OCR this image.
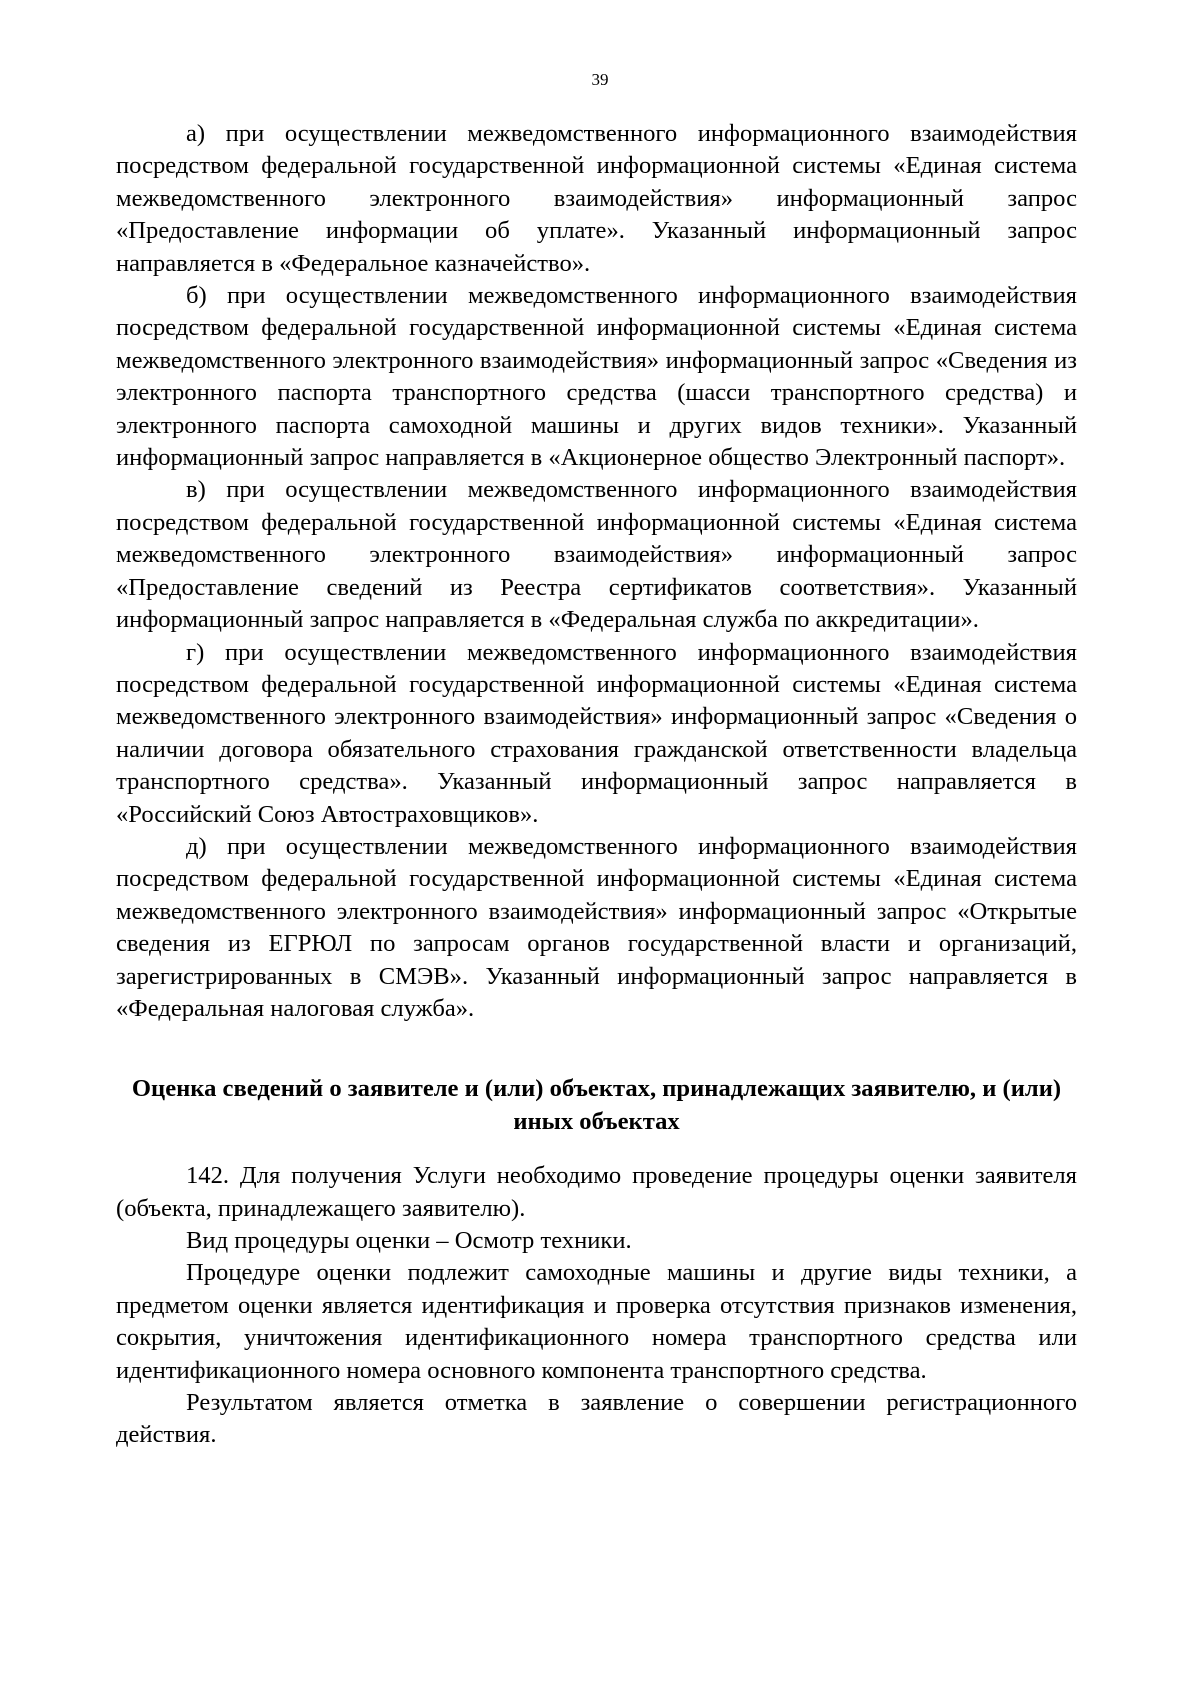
39

а) при осуществлении межведомственного информационного взаимодействия посредством федеральной государственной информационной системы «Единая система межведомственного электронного взаимодействия» информационный запрос «Предоставление информации об уплате». Указанный информационный запрос направляется в «Федеральное казначейство».

б) при осуществлении межведомственного информационного взаимодействия посредством федеральной государственной информационной системы «Единая система межведомственного электронного взаимодействия» информационный запрос «Сведения из электронного паспорта транспортного средства (шасси транспортного средства) и электронного паспорта самоходной машины и других видов техники». Указанный информационный запрос направляется в «Акционерное общество Электронный паспорт».

в) при осуществлении межведомственного информационного взаимодействия посредством федеральной государственной информационной системы «Единая система межведомственного электронного взаимодействия» информационный запрос «Предоставление сведений из Реестра сертификатов соответствия». Указанный информационный запрос направляется в «Федеральная служба по аккредитации».

г) при осуществлении межведомственного информационного взаимодействия посредством федеральной государственной информационной системы «Единая система межведомственного электронного взаимодействия» информационный запрос «Сведения о наличии договора обязательного страхования гражданской ответственности владельца транспортного средства». Указанный информационный запрос направляется в «Российский Союз Автостраховщиков».

д) при осуществлении межведомственного информационного взаимодействия посредством федеральной государственной информационной системы «Единая система межведомственного электронного взаимодействия» информационный запрос «Открытые сведения из ЕГРЮЛ по запросам органов государственной власти и организаций, зарегистрированных в СМЭВ». Указанный информационный запрос направляется в «Федеральная налоговая служба».

Оценка сведений о заявителе и (или) объектах, принадлежащих заявителю, и (или) иных объектах

142. Для получения Услуги необходимо проведение процедуры оценки заявителя (объекта, принадлежащего заявителю).

Вид процедуры оценки – Осмотр техники.

Процедуре оценки подлежит самоходные машины и другие виды техники, а предметом оценки является идентификация и проверка отсутствия признаков изменения, сокрытия, уничтожения идентификационного номера транспортного средства или идентификационного номера основного компонента транспортного средства.

Результатом является отметка в заявление о совершении регистрационного действия.
